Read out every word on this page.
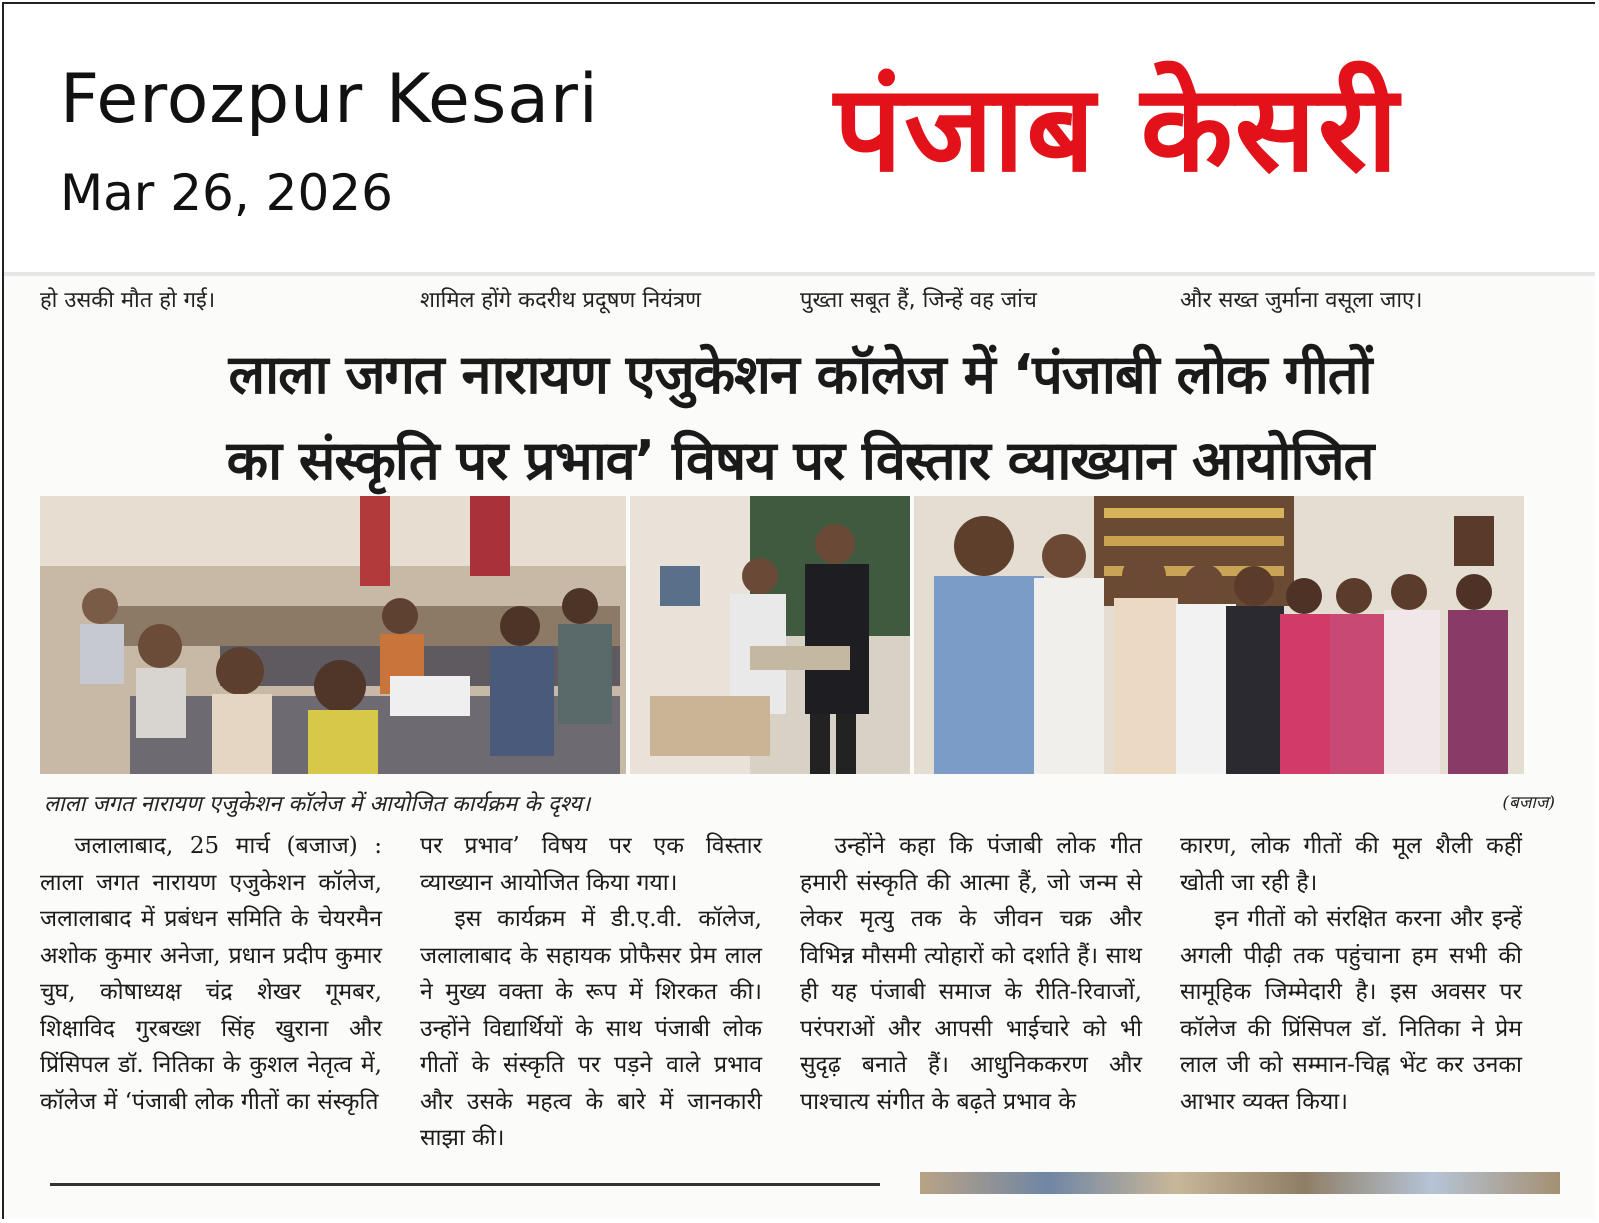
Ferozpur Kesari
Mar 26, 2026	पंजाब केसरी
हो उसकी मौत हो गई।	शामिल होंगे कदरीथ प्रदूषण नियंत्रण	पुख्ता सबूत हैं, जिन्हें वह जांच	और सख्त जुर्माना वसूला जाए।
लाला जगत नारायण एजुकेशन कॉलेज में ‘पंजाबी लोक गीतों
का संस्कृति पर प्रभाव’ विषय पर विस्तार व्याख्यान आयोजित
लाला जगत नारायण एजुकेशन कॉलेज में आयोजित कार्यक्रम के दृश्य।	(बजाज)

जलालाबाद, 25 मार्च (बजाज) : लाला जगत नारायण एजुकेशन कॉलेज, जलालाबाद में प्रबंधन समिति के चेयरमैन अशोक कुमार अनेजा, प्रधान प्रदीप कुमार चुघ, कोषाध्यक्ष चंद्र शेखर गूमबर, शिक्षाविद गुरबख्श सिंह खुराना और प्रिंसिपल डॉ. नितिका के कुशल नेतृत्व में, कॉलेज में ‘पंजाबी लोक गीतों का संस्कृति

पर प्रभाव’ विषय पर एक विस्तार व्याख्यान आयोजित किया गया।

इस कार्यक्रम में डी.ए.वी. कॉलेज, जलालाबाद के सहायक प्रोफैसर प्रेम लाल ने मुख्य वक्ता के रूप में शिरकत की। उन्होंने विद्यार्थियों के साथ पंजाबी लोक गीतों के संस्कृति पर पड़ने वाले प्रभाव और उसके महत्व के बारे में जानकारी साझा की।

उन्होंने कहा कि पंजाबी लोक गीत हमारी संस्कृति की आत्मा हैं, जो जन्म से लेकर मृत्यु तक के जीवन चक्र और विभिन्न मौसमी त्योहारों को दर्शाते हैं। साथ ही यह पंजाबी समाज के रीति-रिवाजों, परंपराओं और आपसी भाईचारे को भी सुदृढ़ बनाते हैं। आधुनिककरण और पाश्चात्य संगीत के बढ़ते प्रभाव के

कारण, लोक गीतों की मूल शैली कहीं खोती जा रही है।

इन गीतों को संरक्षित करना और इन्हें अगली पीढ़ी तक पहुंचाना हम सभी की सामूहिक जिम्मेदारी है। इस अवसर पर कॉलेज की प्रिंसिपल डॉ. नितिका ने प्रेम लाल जी को सम्मान-चिह्न भेंट कर उनका आभार व्यक्त किया।
